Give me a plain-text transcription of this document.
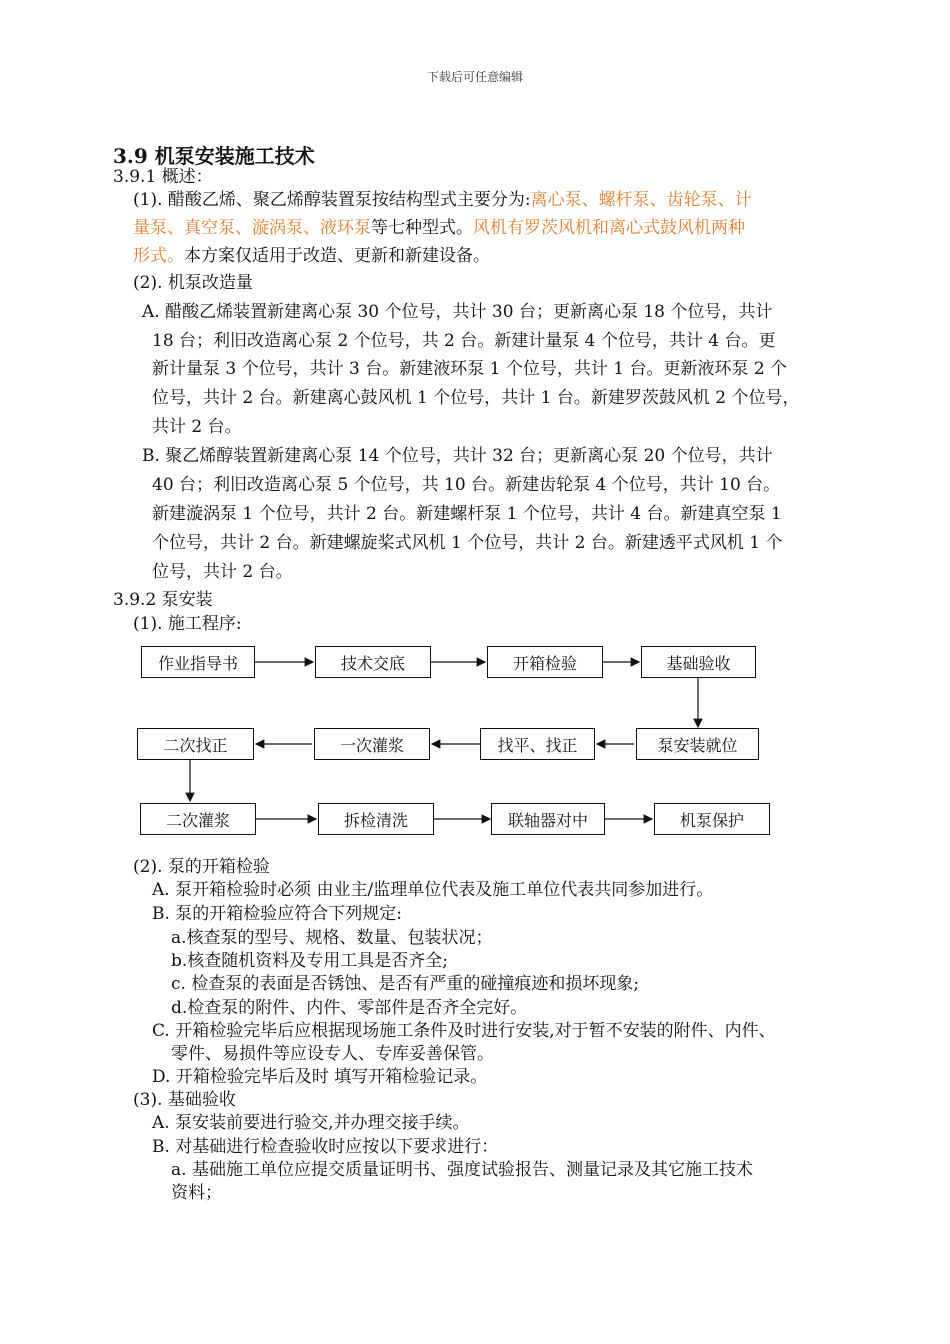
下载后可任意编辑
3.9 机泵安装施工技术
3.9.1 概述：
(1). 醋酸乙烯、聚乙烯醇装置泵按结构型式主要分为:离心泵、螺杆泵、齿轮泵、计
量泵、真空泵、漩涡泵、液环泵等七种型式。风机有罗茨风机和离心式鼓风机两种
形式。本方案仅适用于改造、更新和新建设备。
(2). 机泵改造量
A. 醋酸乙烯装置新建离心泵 30 个位号，共计 30 台；更新离心泵 18 个位号，共计
18 台；利旧改造离心泵 2 个位号，共 2 台。新建计量泵 4 个位号，共计 4 台。更
新计量泵 3 个位号，共计 3 台。新建液环泵 1 个位号，共计 1 台。更新液环泵 2 个
位号，共计 2 台。新建离心鼓风机 1 个位号，共计 1 台。新建罗茨鼓风机 2 个位号，
共计 2 台。
B. 聚乙烯醇装置新建离心泵 14 个位号，共计 32 台；更新离心泵 20 个位号，共计
40 台；利旧改造离心泵 5 个位号，共 10 台。新建齿轮泵 4 个位号，共计 10 台。
新建漩涡泵 1 个位号，共计 2 台。新建螺杆泵 1 个位号，共计 4 台。新建真空泵 1
个位号，共计 2 台。新建螺旋桨式风机 1 个位号，共计 2 台。新建透平式风机 1 个
位号，共计 2 台。
3.9.2 泵安装
(1). 施工程序:
作业指导书	技术交底	开箱检验	基础验收
二次找正	一次灌浆	找平、找正	泵安装就位
二次灌浆	拆检清洗	联轴器对中	机泵保护
(2). 泵的开箱检验
A. 泵开箱检验时必须 由业主/监理单位代表及施工单位代表共同参加进行。
B. 泵的开箱检验应符合下列规定:
a.核查泵的型号、规格、数量、包装状况；
b.核查随机资料及专用工具是否齐全;
c. 检查泵的表面是否锈蚀、是否有严重的碰撞痕迹和损坏现象;
d.检查泵的附件、内件、零部件是否齐全完好。
C. 开箱检验完毕后应根据现场施工条件及时进行安装,对于暂不安装的附件、内件、
零件、易损件等应设专人、专库妥善保管。
D. 开箱检验完毕后及时 填写开箱检验记录。
(3). 基础验收
A. 泵安装前要进行验交,并办理交接手续。
B. 对基础进行检查验收时应按以下要求进行：
a. 基础施工单位应提交质量证明书、强度试验报告、测量记录及其它施工技术
资料；
